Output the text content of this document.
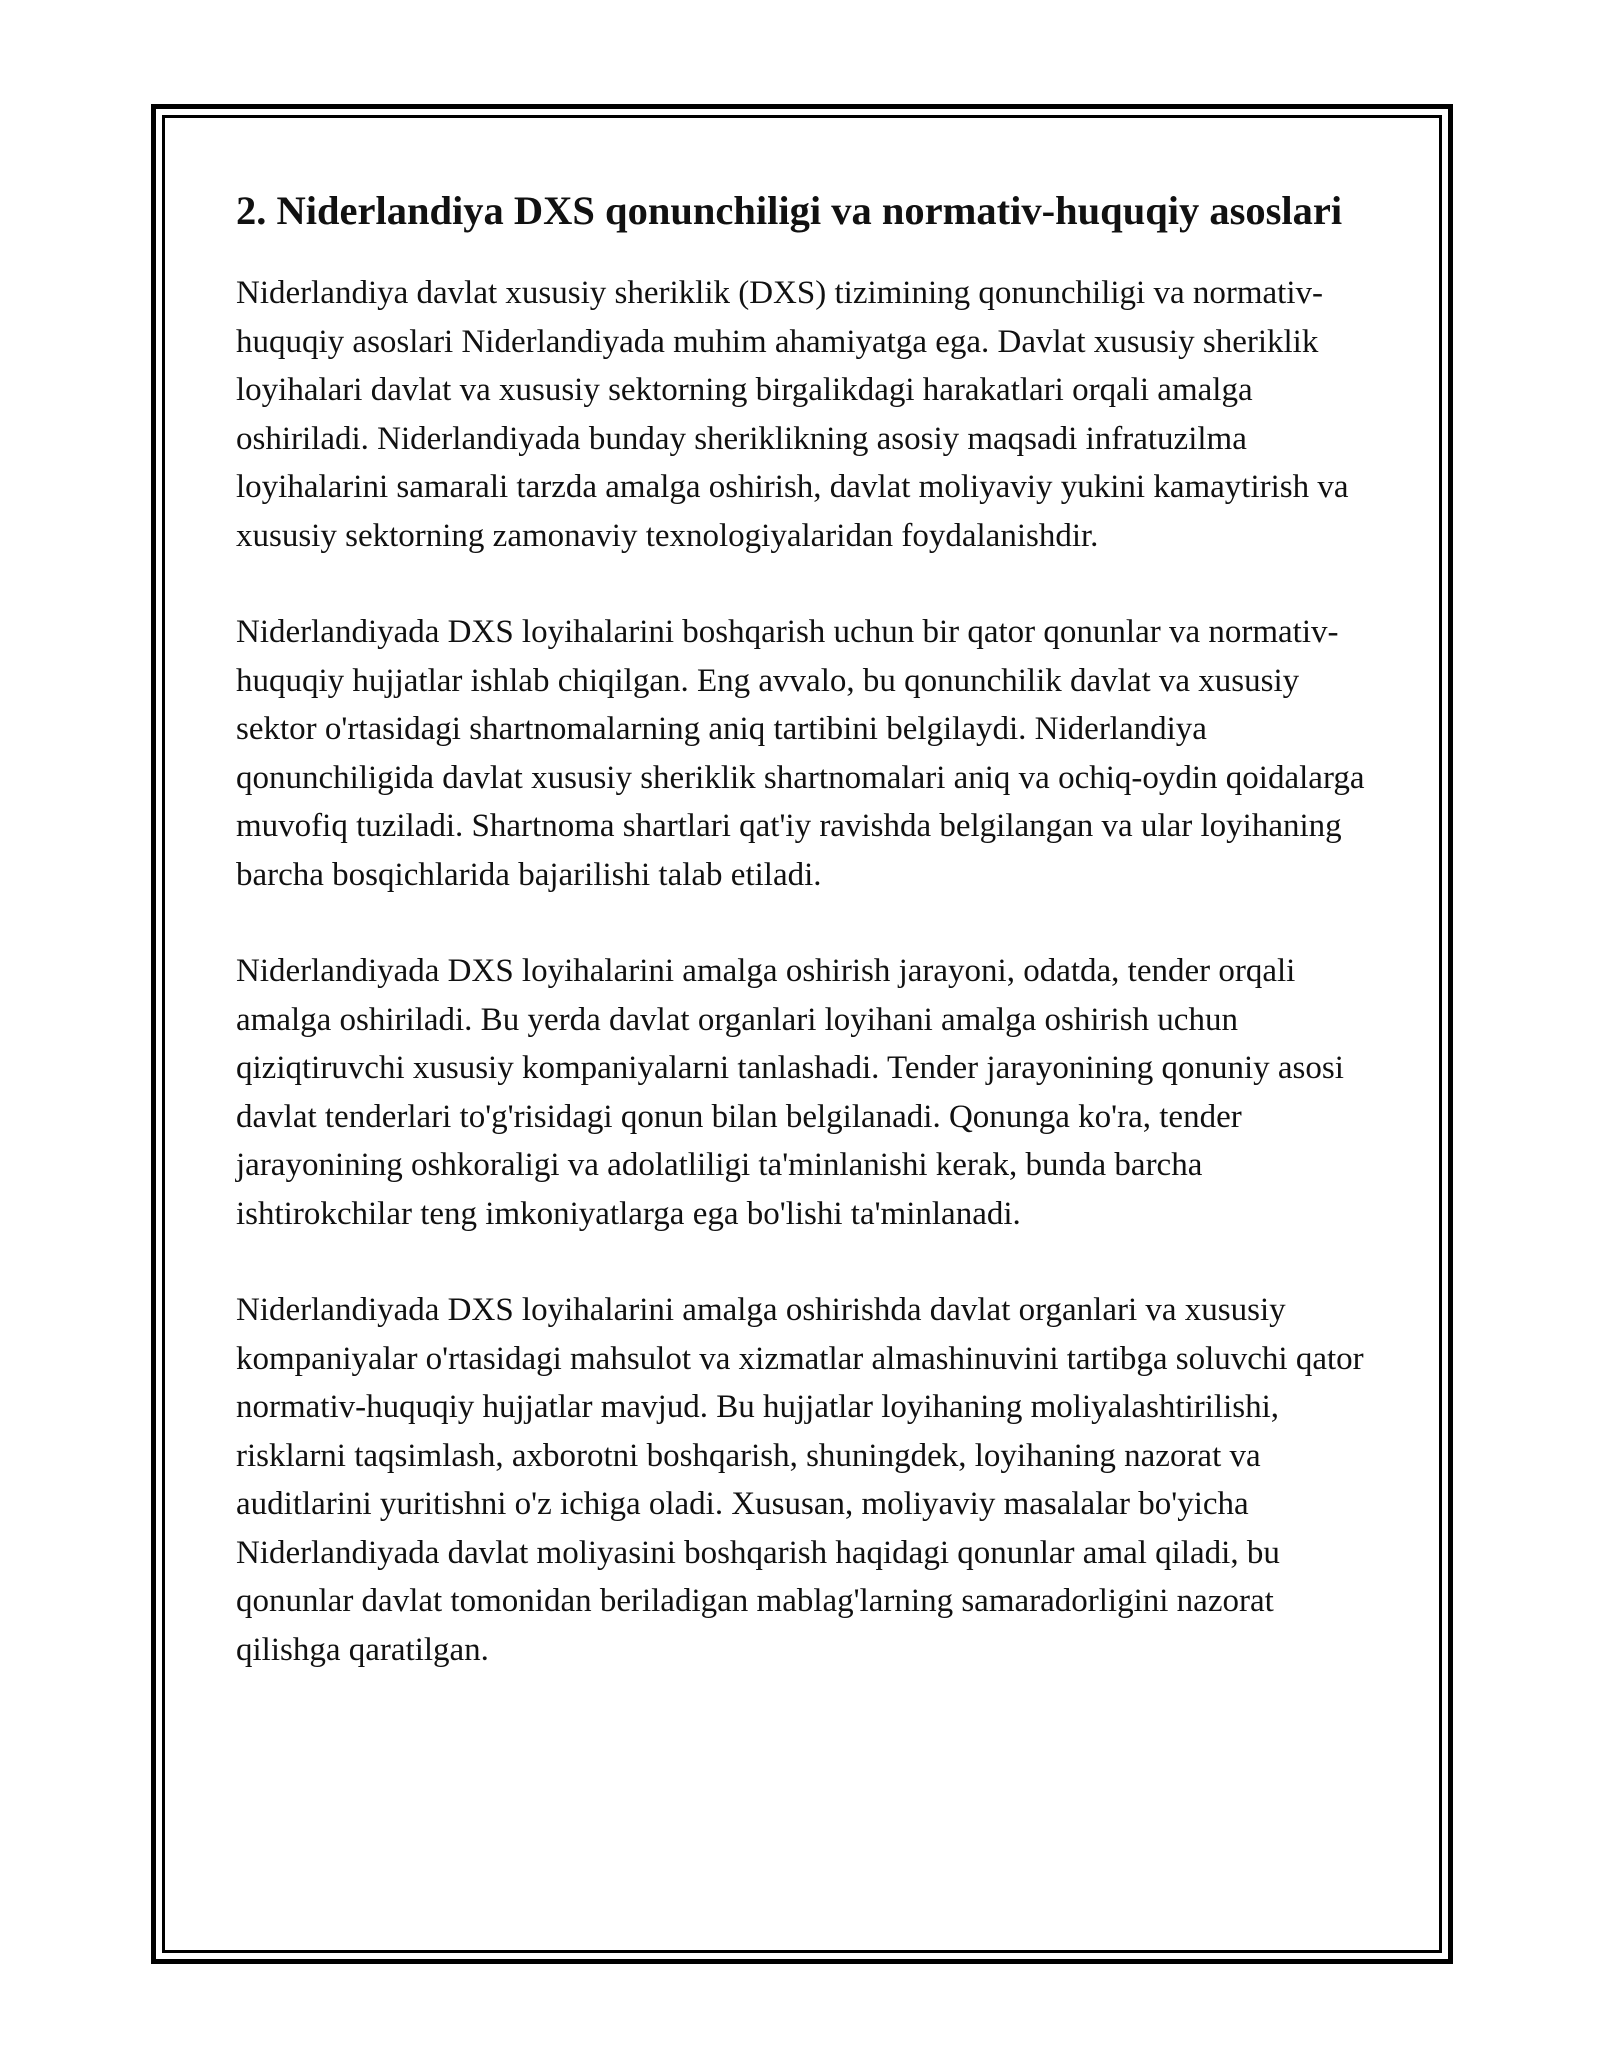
2. Niderlandiya DXS qonunchiligi va normativ-huquqiy asoslari

Niderlandiya davlat xususiy sheriklik (DXS) tizimining qonunchiligi va normativ-huquqiy asoslari Niderlandiyada muhim ahamiyatga ega. Davlat xususiy sheriklik loyihalari davlat va xususiy sektorning birgalikdagi harakatlari orqali amalga oshiriladi. Niderlandiyada bunday sheriklikning asosiy maqsadi infratuzilma loyihalarini samarali tarzda amalga oshirish, davlat moliyaviy yukini kamaytirish va xususiy sektorning zamonaviy texnologiyalaridan foydalanishdir.

Niderlandiyada DXS loyihalarini boshqarish uchun bir qator qonunlar va normativ-huquqiy hujjatlar ishlab chiqilgan. Eng avvalo, bu qonunchilik davlat va xususiy sektor o'rtasidagi shartnomalarning aniq tartibini belgilaydi. Niderlandiya qonunchiligida davlat xususiy sheriklik shartnomalari aniq va ochiq-oydin qoidalarga muvofiq tuziladi. Shartnoma shartlari qat'iy ravishda belgilangan va ular loyihaning barcha bosqichlarida bajarilishi talab etiladi.

Niderlandiyada DXS loyihalarini amalga oshirish jarayoni, odatda, tender orqali amalga oshiriladi. Bu yerda davlat organlari loyihani amalga oshirish uchun qiziqtiruvchi xususiy kompaniyalarni tanlashadi. Tender jarayonining qonuniy asosi davlat tenderlari to'g'risidagi qonun bilan belgilanadi. Qonunga ko'ra, tender jarayonining oshkoraligi va adolatliligi ta'minlanishi kerak, bunda barcha ishtirokchilar teng imkoniyatlarga ega bo'lishi ta'minlanadi.

Niderlandiyada DXS loyihalarini amalga oshirishda davlat organlari va xususiy kompaniyalar o'rtasidagi mahsulot va xizmatlar almashinuvini tartibga soluvchi qator normativ-huquqiy hujjatlar mavjud. Bu hujjatlar loyihaning moliyalashtirilishi, risklarni taqsimlash, axborotni boshqarish, shuningdek, loyihaning nazorat va auditlarini yuritishni o'z ichiga oladi. Xususan, moliyaviy masalalar bo'yicha Niderlandiyada davlat moliyasini boshqarish haqidagi qonunlar amal qiladi, bu qonunlar davlat tomonidan beriladigan mablag'larning samaradorligini nazorat qilishga qaratilgan.
